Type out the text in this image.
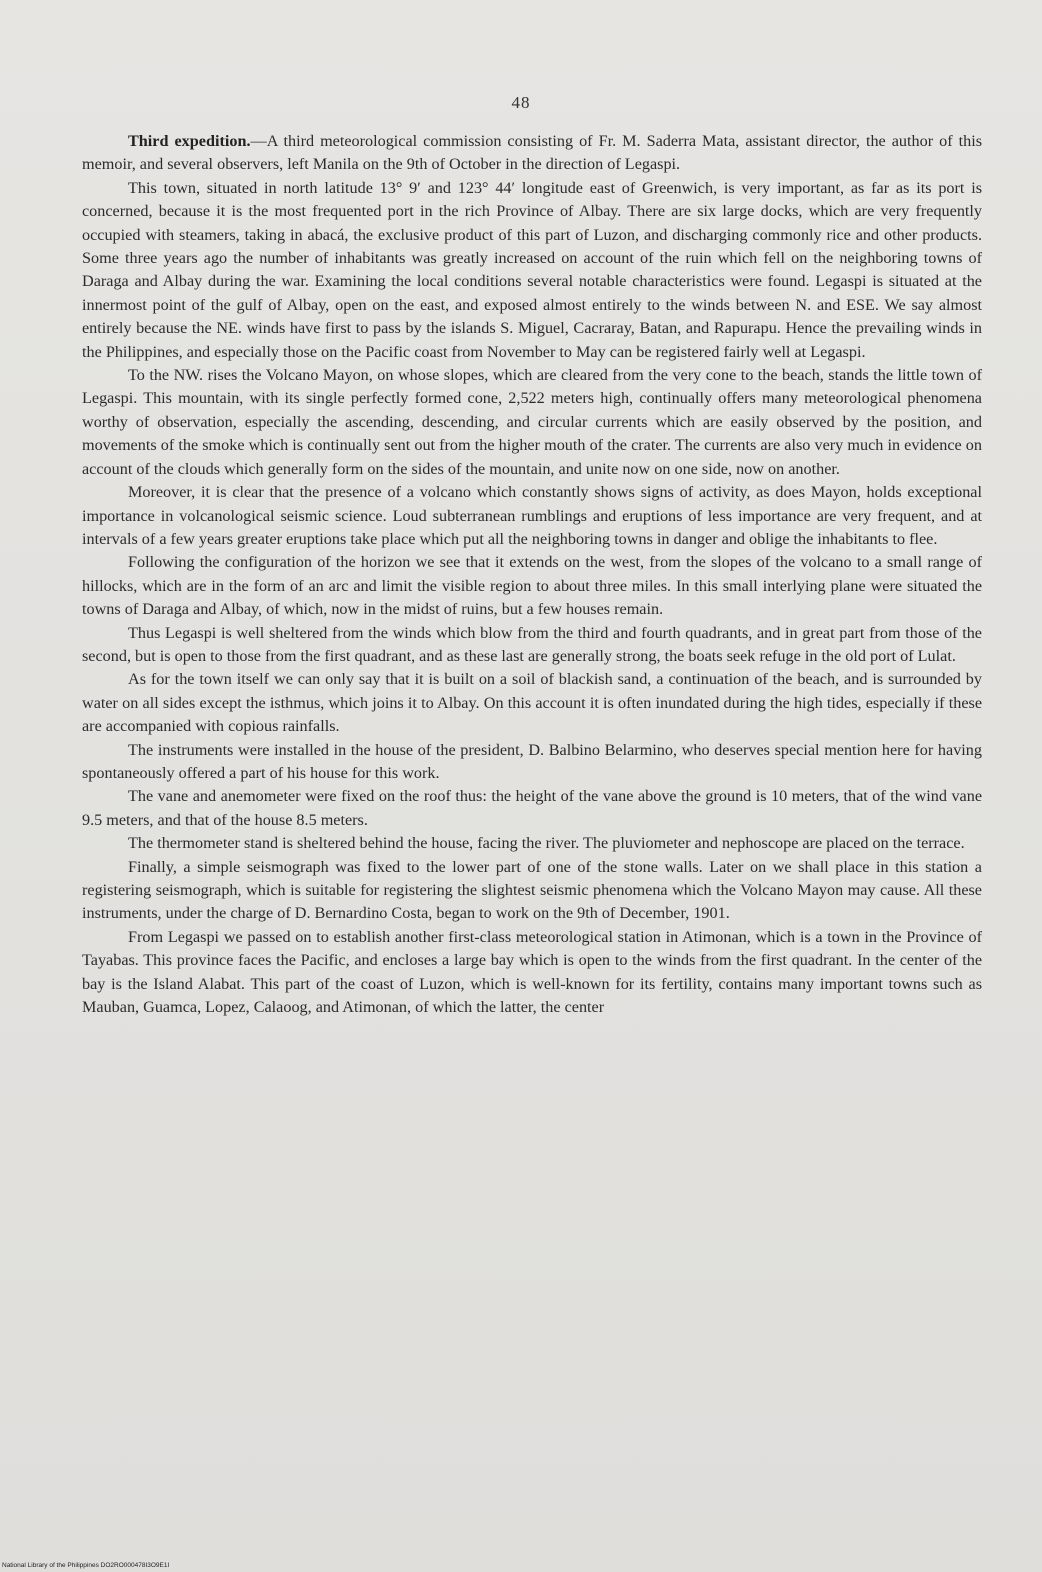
48

Third expedition.—A third meteorological commission consisting of Fr. M. Saderra Mata, assistant director, the author of this memoir, and several observers, left Manila on the 9th of October in the direction of Legaspi.

This town, situated in north latitude 13° 9′ and 123° 44′ longitude east of Greenwich, is very important, as far as its port is concerned, because it is the most frequented port in the rich Province of Albay. There are six large docks, which are very frequently occupied with steamers, taking in abacá, the exclusive product of this part of Luzon, and discharging commonly rice and other products. Some three years ago the number of inhabitants was greatly increased on account of the ruin which fell on the neighboring towns of Daraga and Albay during the war. Examining the local conditions several notable characteristics were found. Legaspi is situated at the innermost point of the gulf of Albay, open on the east, and exposed almost entirely to the winds between N. and ESE. We say almost entirely because the NE. winds have first to pass by the islands S. Miguel, Cacraray, Batan, and Rapurapu. Hence the prevailing winds in the Philippines, and especially those on the Pacific coast from November to May can be registered fairly well at Legaspi.

To the NW. rises the Volcano Mayon, on whose slopes, which are cleared from the very cone to the beach, stands the little town of Legaspi. This mountain, with its single perfectly formed cone, 2,522 meters high, continually offers many meteorological phenomena worthy of observation, especially the ascending, descending, and circular currents which are easily observed by the position, and movements of the smoke which is continually sent out from the higher mouth of the crater. The currents are also very much in evidence on account of the clouds which generally form on the sides of the mountain, and unite now on one side, now on another.

Moreover, it is clear that the presence of a volcano which constantly shows signs of activity, as does Mayon, holds exceptional importance in volcanological seismic science. Loud subterranean rumblings and eruptions of less importance are very frequent, and at intervals of a few years greater eruptions take place which put all the neighboring towns in danger and oblige the inhabitants to flee.

Following the configuration of the horizon we see that it extends on the west, from the slopes of the volcano to a small range of hillocks, which are in the form of an arc and limit the visible region to about three miles. In this small interlying plane were situated the towns of Daraga and Albay, of which, now in the midst of ruins, but a few houses remain.

Thus Legaspi is well sheltered from the winds which blow from the third and fourth quadrants, and in great part from those of the second, but is open to those from the first quadrant, and as these last are generally strong, the boats seek refuge in the old port of Lulat.

As for the town itself we can only say that it is built on a soil of blackish sand, a continuation of the beach, and is surrounded by water on all sides except the isthmus, which joins it to Albay. On this account it is often inundated during the high tides, especially if these are accompanied with copious rainfalls.

The instruments were installed in the house of the president, D. Balbino Belarmino, who deserves special mention here for having spontaneously offered a part of his house for this work.

The vane and anemometer were fixed on the roof thus: the height of the vane above the ground is 10 meters, that of the wind vane 9.5 meters, and that of the house 8.5 meters.

The thermometer stand is sheltered behind the house, facing the river. The pluviometer and nephoscope are placed on the terrace.

Finally, a simple seismograph was fixed to the lower part of one of the stone walls. Later on we shall place in this station a registering seismograph, which is suitable for registering the slightest seismic phenomena which the Volcano Mayon may cause. All these instruments, under the charge of D. Bernardino Costa, began to work on the 9th of December, 1901.

From Legaspi we passed on to establish another first-class meteorological station in Atimonan, which is a town in the Province of Tayabas. This province faces the Pacific, and encloses a large bay which is open to the winds from the first quadrant. In the center of the bay is the Island Alabat. This part of the coast of Luzon, which is well-known for its fertility, contains many important towns such as Mauban, Guamca, Lopez, Calaoog, and Atimonan, of which the latter, the center

National Library of the Philippines DO2RO000478I3O9E1I
